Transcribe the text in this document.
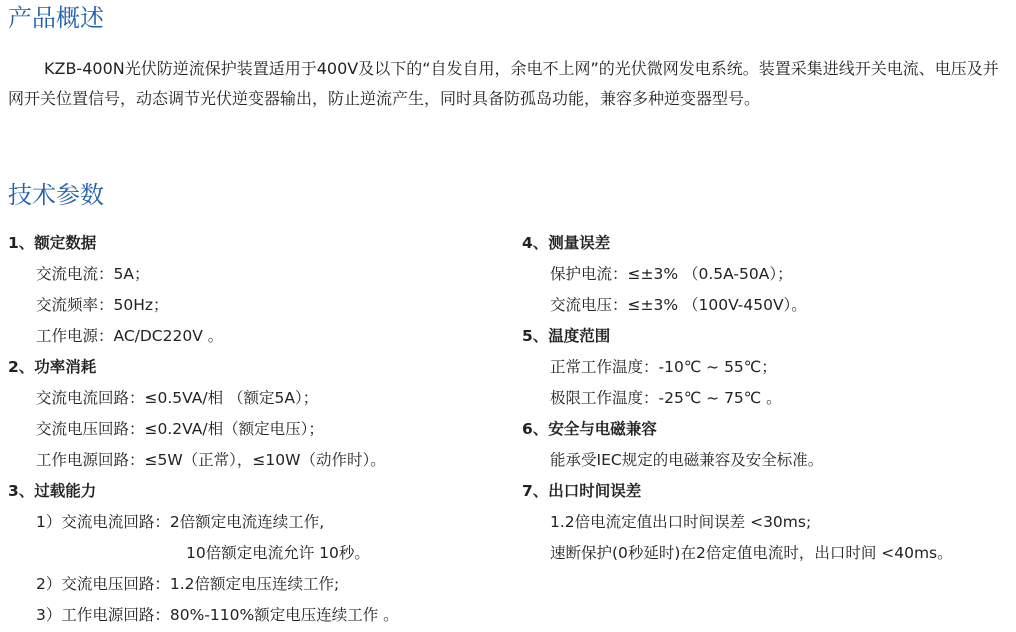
产品概述

KZB-400N光伏防逆流保护装置适用于400V及以下的“自发自用，余电不上网”的光伏微网发电系统。装置采集进线开关电流、电压及并网开关位置信号，动态调节光伏逆变器输出，防止逆流产生，同时具备防孤岛功能，兼容多种逆变器型号。

技术参数
1、额定数据
交流电流：5A；
交流频率：50Hz；
工作电源：AC/DC220V 。
2、功率消耗
交流电流回路：≤0.5VA/相 （额定5A）；
交流电压回路：≤0.2VA/相（额定电压）；
工作电源回路：≤5W（正常），≤10W（动作时）。
3、过载能力
1）交流电流回路：2倍额定电流连续工作,
10倍额定电流允许 10秒。
2）交流电压回路：1.2倍额定电压连续工作;
3）工作电源回路：80%-110%额定电压连续工作 。
4、测量误差
保护电流：≤±3% （0.5A-50A）；
交流电压：≤±3% （100V-450V）。
5、温度范围
正常工作温度：-10℃ ~ 55℃；
极限工作温度：-25℃ ~ 75℃ 。
6、安全与电磁兼容
能承受IEC规定的电磁兼容及安全标准。
7、出口时间误差
1.2倍电流定值出口时间误差 <30ms;
速断保护(0秒延时)在2倍定值电流时，出口时间 <40ms。
